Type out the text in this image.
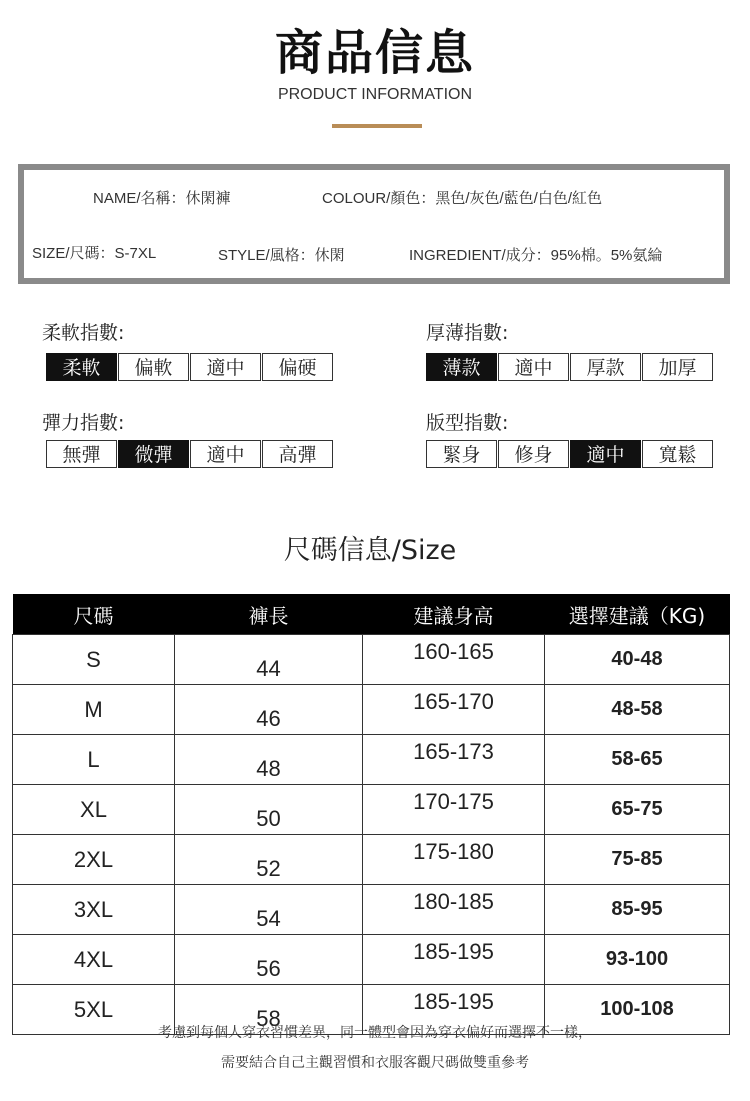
商品信息
PRODUCT INFORMATION
NAME/名稱：休閑褲	COLOUR/顏色：黑色/灰色/藍色/白色/紅色
SIZE/尺碼：S-7XL	STYLE/風格：休閑	INGREDIENT/成分：95%棉。5%氨綸
柔軟指數:
柔軟	偏軟	適中	偏硬
厚薄指數:
薄款	適中	厚款	加厚
彈力指數:
無彈	微彈	適中	高彈
版型指數:
緊身	修身	適中	寬鬆
尺碼信息/Size
尺碼	褲長	建議身高	選擇建議（KG)
S	44	160-165	40-48
M	46	165-170	48-58
L	48	165-173	58-65
XL	50	170-175	65-75
2XL	52	175-180	75-85
3XL	54	180-185	85-95
4XL	56	185-195	93-100
5XL	58	185-195	100-108
考慮到每個人穿衣習慣差異，同一體型會因為穿衣偏好而選擇不一樣，
需要結合自己主觀習慣和衣服客觀尺碼做雙重參考
